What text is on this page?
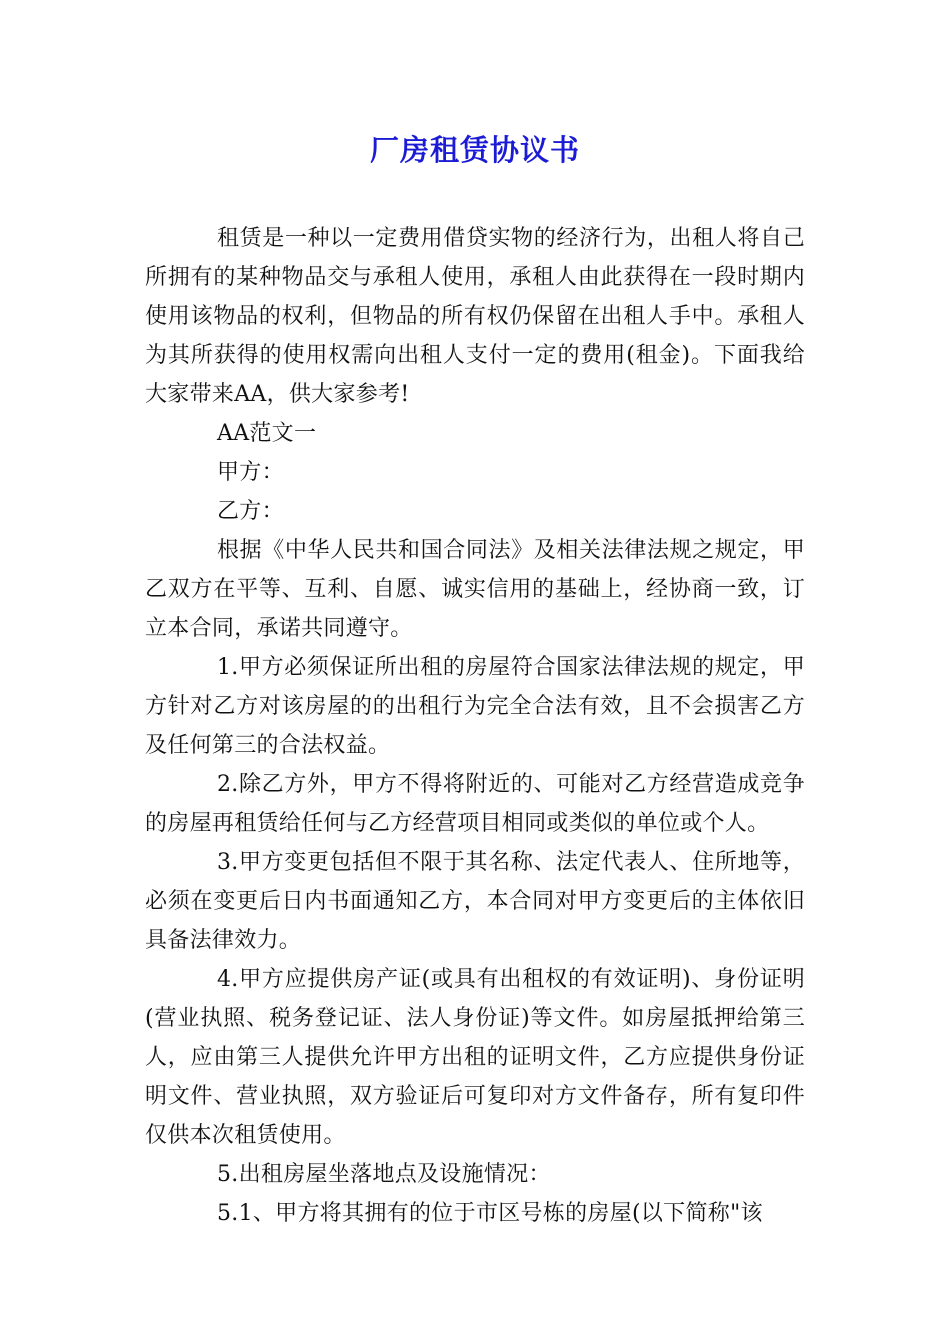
厂房租赁协议书

租赁是一种以一定费用借贷实物的经济行为，出租人将自己所拥有的某种物品交与承租人使用，承租人由此获得在一段时期内使用该物品的权利，但物品的所有权仍保留在出租人手中。承租人为其所获得的使用权需向出租人支付一定的费用(租金)。下面我给大家带来AA，供大家参考!

AA范文一

甲方：

乙方：

根据《中华人民共和国合同法》及相关法律法规之规定，甲乙双方在平等、互利、自愿、诚实信用的基础上，经协商一致，订立本合同，承诺共同遵守。

1.甲方必须保证所出租的房屋符合国家法律法规的规定，甲方针对乙方对该房屋的的出租行为完全合法有效，且不会损害乙方及任何第三的合法权益。

2.除乙方外，甲方不得将附近的、可能对乙方经营造成竞争的房屋再租赁给任何与乙方经营项目相同或类似的单位或个人。

3.甲方变更包括但不限于其名称、法定代表人、住所地等，必须在变更后日内书面通知乙方，本合同对甲方变更后的主体依旧具备法律效力。

4.甲方应提供房产证(或具有出租权的有效证明)、身份证明(营业执照、税务登记证、法人身份证)等文件。如房屋抵押给第三人，应由第三人提供允许甲方出租的证明文件，乙方应提供身份证明文件、营业执照，双方验证后可复印对方文件备存，所有复印件仅供本次租赁使用。

5.出租房屋坐落地点及设施情况：

5.1、甲方将其拥有的位于市区号栋的房屋(以下简称"该
